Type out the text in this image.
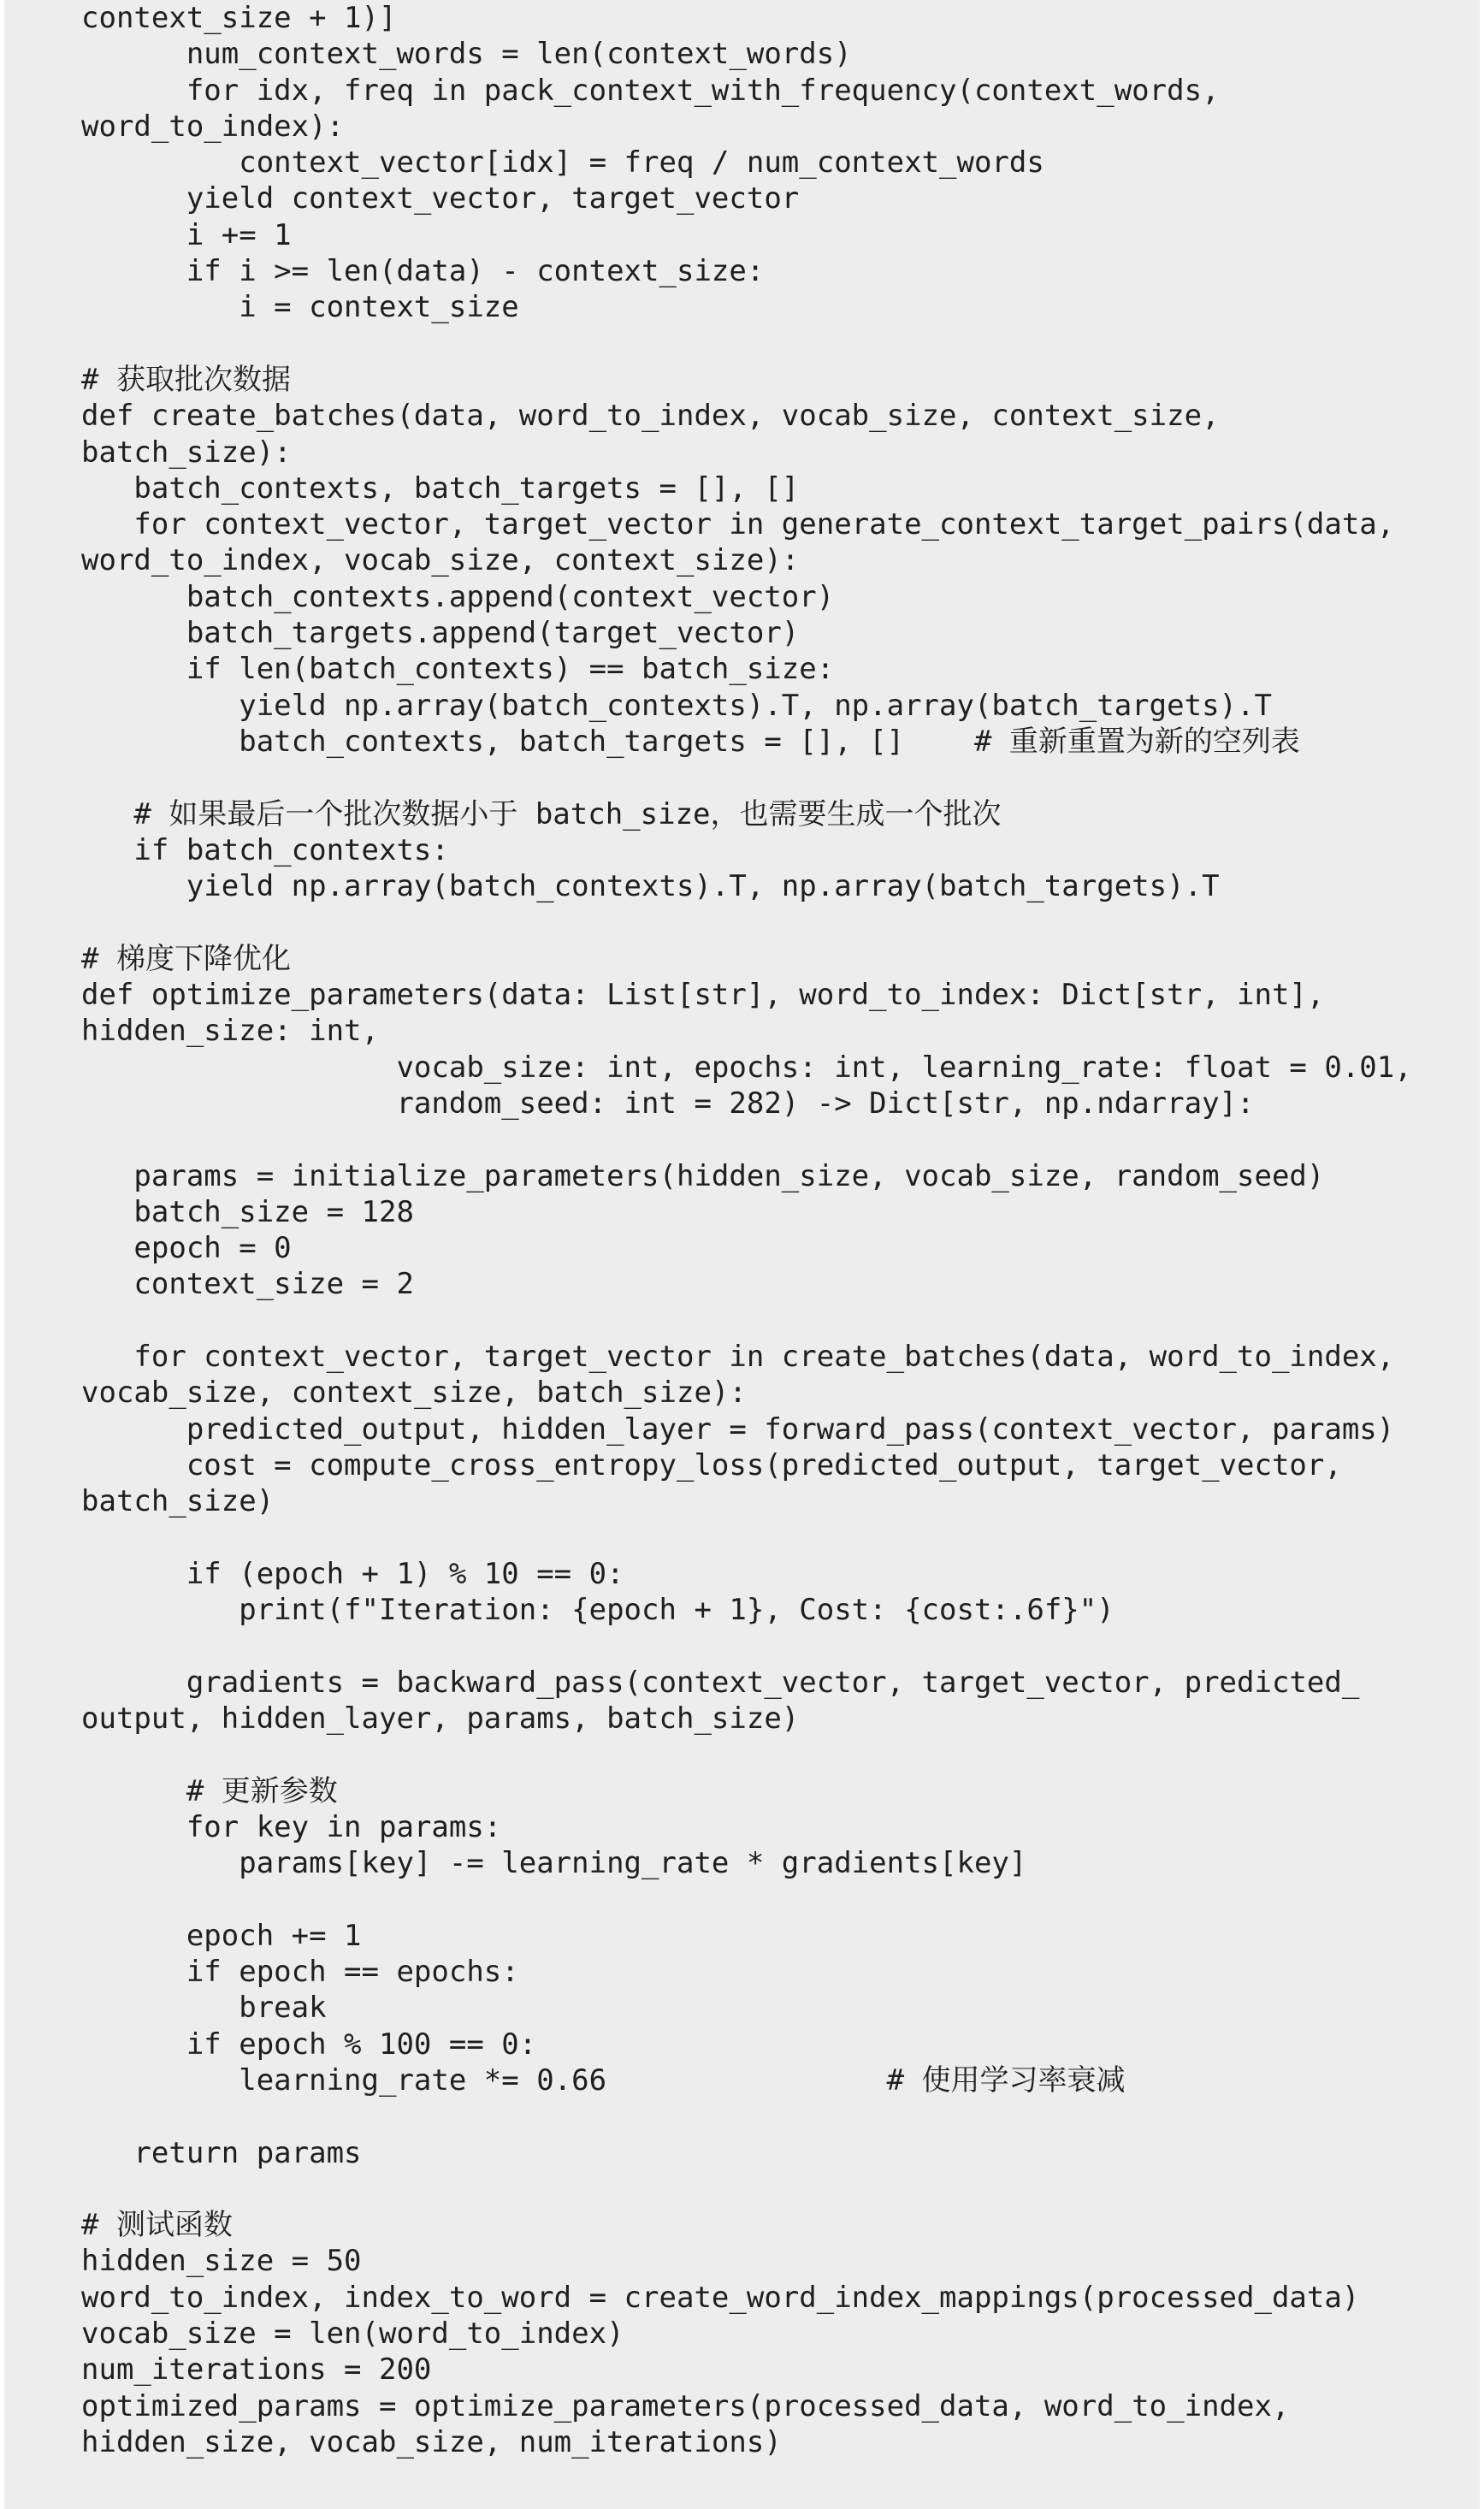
context_size + 1)]
num_context_words = len(context_words)
for idx, freq in pack_context_with_frequency(context_words,
word_to_index):
context_vector[idx] = freq / num_context_words
yield context_vector, target_vector
i += 1
if i >= len(data) - context_size:
i = context_size
# 获取批次数据
def create_batches(data, word_to_index, vocab_size, context_size,
batch_size):
batch_contexts, batch_targets = [], []
for context_vector, target_vector in generate_context_target_pairs(data,
word_to_index, vocab_size, context_size):
batch_contexts.append(context_vector)
batch_targets.append(target_vector)
if len(batch_contexts) == batch_size:
yield np.array(batch_contexts).T, np.array(batch_targets).T
batch_contexts, batch_targets = [], []    # 重新重置为新的空列表
# 如果最后一个批次数据小于 batch_size，也需要生成一个批次
if batch_contexts:
yield np.array(batch_contexts).T, np.array(batch_targets).T
# 梯度下降优化
def optimize_parameters(data: List[str], word_to_index: Dict[str, int],
hidden_size: int,
vocab_size: int, epochs: int, learning_rate: float = 0.01,
random_seed: int = 282) -> Dict[str, np.ndarray]:
params = initialize_parameters(hidden_size, vocab_size, random_seed)
batch_size = 128
epoch = 0
context_size = 2
for context_vector, target_vector in create_batches(data, word_to_index,
vocab_size, context_size, batch_size):
predicted_output, hidden_layer = forward_pass(context_vector, params)
cost = compute_cross_entropy_loss(predicted_output, target_vector,
batch_size)
if (epoch + 1) % 10 == 0:
print(f"Iteration: {epoch + 1}, Cost: {cost:.6f}")
gradients = backward_pass(context_vector, target_vector, predicted_
output, hidden_layer, params, batch_size)
# 更新参数
for key in params:
params[key] -= learning_rate * gradients[key]
epoch += 1
if epoch == epochs:
break
if epoch % 100 == 0:
learning_rate *= 0.66                # 使用学习率衰减
return params
# 测试函数
hidden_size = 50
word_to_index, index_to_word = create_word_index_mappings(processed_data)
vocab_size = len(word_to_index)
num_iterations = 200
optimized_params = optimize_parameters(processed_data, word_to_index,
hidden_size, vocab_size, num_iterations)
